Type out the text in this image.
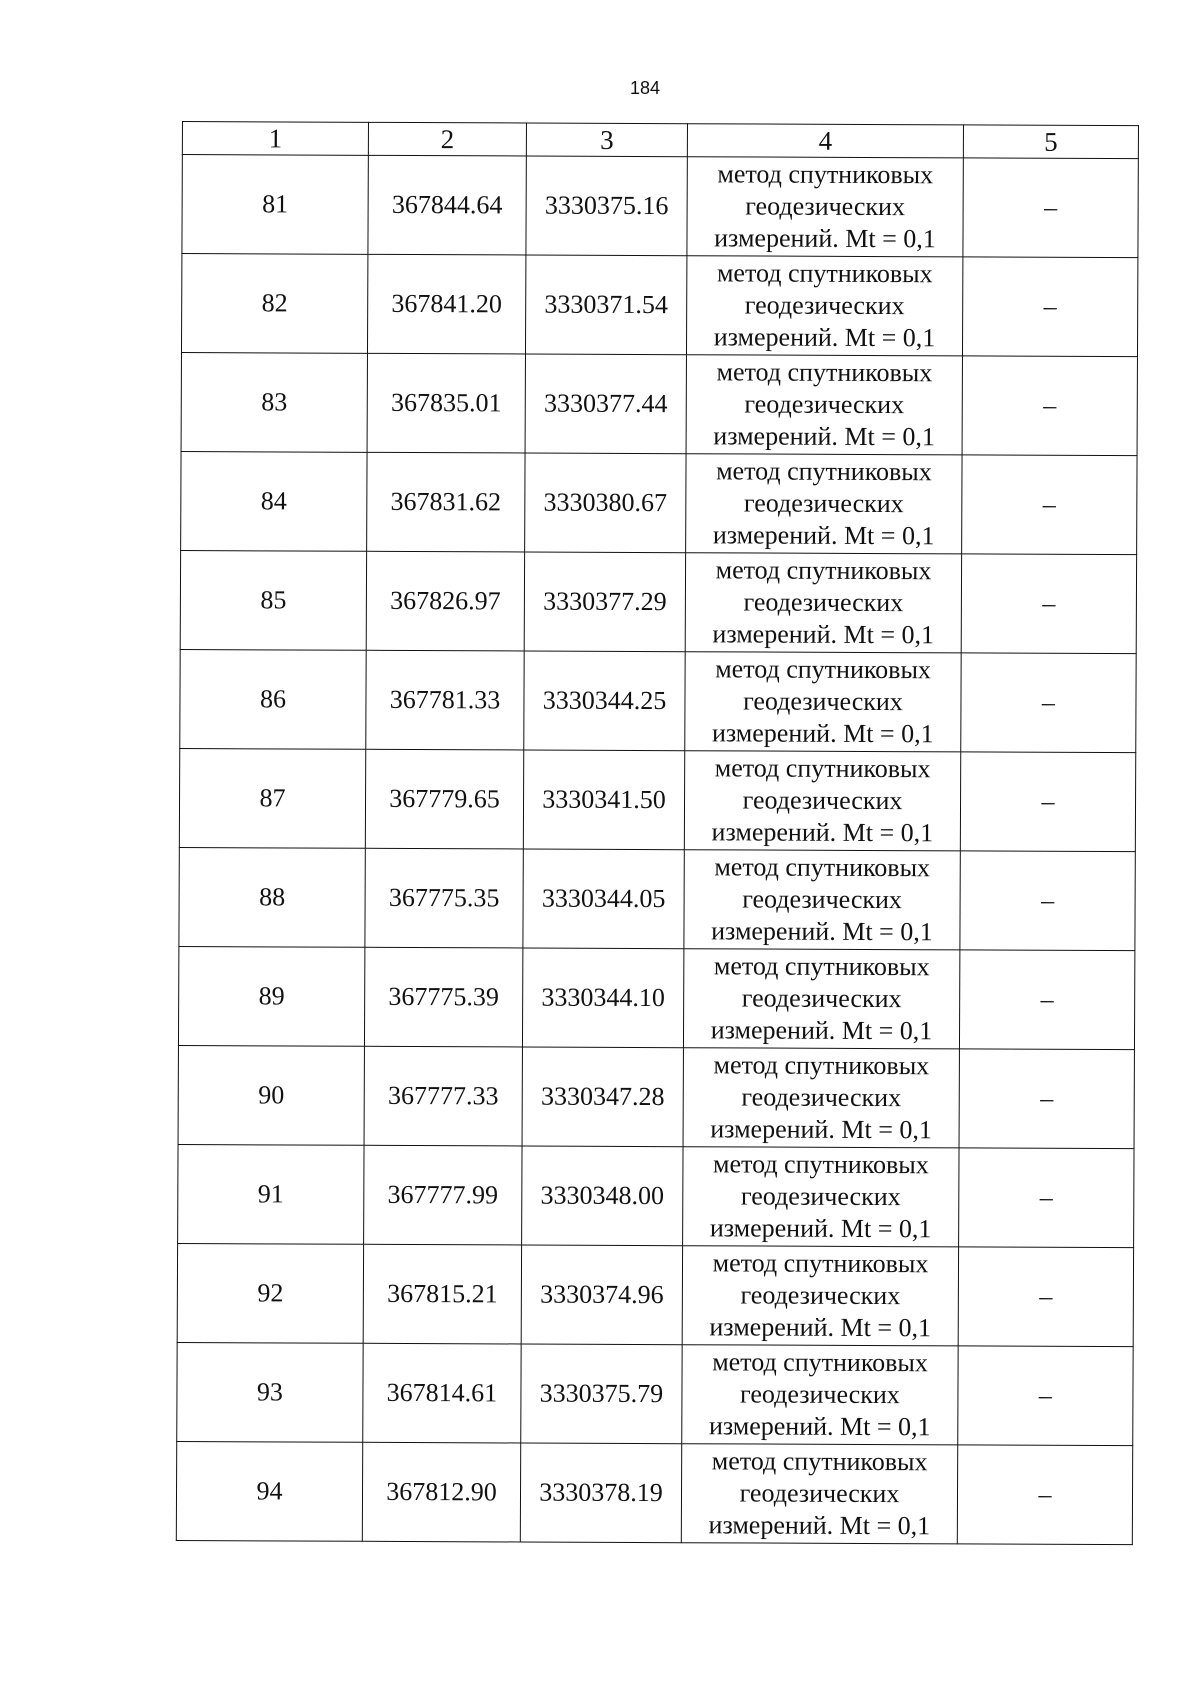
184
1	2	3	4	5
81	367844.64	3330375.16	метод спутниковых
геодезических
измерений. Mt = 0,1	–
82	367841.20	3330371.54	метод спутниковых
геодезических
измерений. Mt = 0,1	–
83	367835.01	3330377.44	метод спутниковых
геодезических
измерений. Mt = 0,1	–
84	367831.62	3330380.67	метод спутниковых
геодезических
измерений. Mt = 0,1	–
85	367826.97	3330377.29	метод спутниковых
геодезических
измерений. Mt = 0,1	–
86	367781.33	3330344.25	метод спутниковых
геодезических
измерений. Mt = 0,1	–
87	367779.65	3330341.50	метод спутниковых
геодезических
измерений. Mt = 0,1	–
88	367775.35	3330344.05	метод спутниковых
геодезических
измерений. Mt = 0,1	–
89	367775.39	3330344.10	метод спутниковых
геодезических
измерений. Mt = 0,1	–
90	367777.33	3330347.28	метод спутниковых
геодезических
измерений. Mt = 0,1	–
91	367777.99	3330348.00	метод спутниковых
геодезических
измерений. Mt = 0,1	–
92	367815.21	3330374.96	метод спутниковых
геодезических
измерений. Mt = 0,1	–
93	367814.61	3330375.79	метод спутниковых
геодезических
измерений. Mt = 0,1	–
94	367812.90	3330378.19	метод спутниковых
геодезических
измерений. Mt = 0,1	–
